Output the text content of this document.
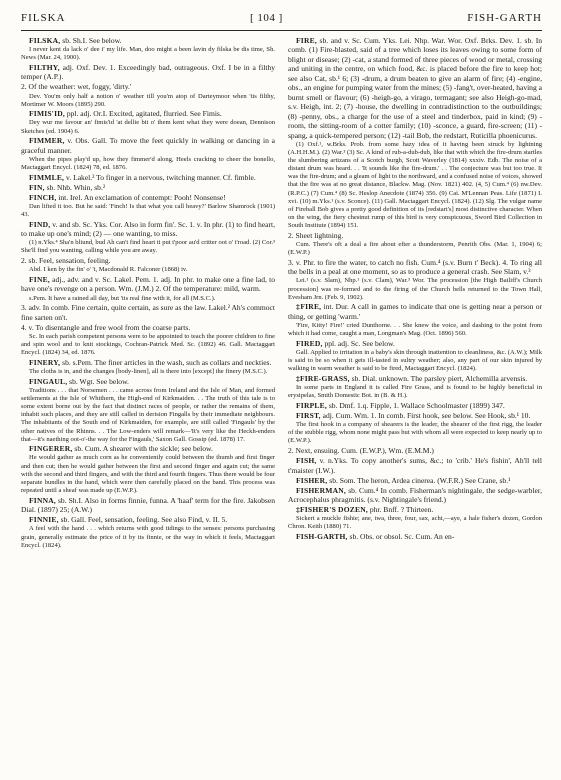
FILSKA	[ 104 ]	FISH-GARTH

FILSKA, sb. Sh.I. See below.

I never kent da lack o' dee i' my life. Man, doo might a been lavin dy filska be dis time, Sh. News (Mar. 24, 1900).

FILTHY, adj. Oxf. Dev. 1. Exceedingly bad, outrageous. Oxf. I be in a filthy temper (A.P.).

2. Of the weather: wet, foggy, 'dirty.'

Dev. You'm only half a notion o' weather till you'm atop of Darteymoor when 'tis filthy, Mortimer W. Moors (1895) 290.

FIMIS'ID, ppl. adj. Or.I. Excited, agitated, flurried. See Fimis.

Dey wur me favour an' fimis'id 'at dellie bit o' them kent what they were doean, Dennison Sketches (ed. 1904) 6.

FIMMER, v. Obs. Gall. To move the feet quickly in walking or dancing in a graceful manner.

When the pipes play'd up, how they fimmer'd along, Heels cracking to cheer the bonello, Mactaggart Encycl. (1824) 78, ed. 1876.

FIMMLE, v. Lakel.² To finger in a nervous, twitching manner. Cf. fimble.

FIN, sb. Nhb. Whin, sb.²

FINCH, int. Irel. An exclamation of contempt: Pooh! Nonsense!

Dan lifted it too. But he said: 'Finch! Is that what you call heavy?' Barlow Shamrock (1901) 43.

FIND, v. and sb. Sc. Yks. Cor. Also in form fin'. Sc. 1. v. In phr. (1) to find heart, to make up one's mind; (2) — one wanting, to miss.

(1) n.Yks.⁴ Sha'n bliund, bud Ah can't find heart ti put t'poor au'd critter oot o' t'road. (2) Cor.³ She'll find you wanting, calling while you are away.

2. sb. Feel, sensation, feeling.

Abd. I ken by the fin' o' 't, Macdonald R. Falconer (1868) iv.

FINE, adj., adv. and v. Sc. Lakel. Pem. 1. adj. In phr. to make one a fine lad, to have one's revenge on a person. Wm. (J.M.) 2. Of the temperature: mild, warm.

s.Pem. It have a rained all day, but 'tis real fine with it, for all (M.S.C.).

3. adv. In comb. Fine certain, quite certain, as sure as the law. Lakel.² Ah's commoct fine sarten on't.

4. v. To disentangle and free wool from the coarse parts.

Sc. In each parish competent persons were to be appointed to teach the poorer children to fine and spin wool and to knit stockings, Cochran-Patrick Med. Sc. (1892) 46. Gall. Mactaggart Encycl. (1824) 34, ed. 1876.

FINERY, sb. s.Pem. The finer articles in the wash, such as collars and neckties.

The cloths is in, and the changes [body-linen], all is there into [except] the finery (M.S.C.).

FINGAUL, sb. Wgt. See below.

Traditions . . . that Norsemen . . . came across from Ireland and the Isle of Man, and formed settlements at the Isle of Whithern, the High-end of Kirkmaiden. . . The truth of this tale is to some extent borne out by the fact that distinct races of people, or rather the remains of them, inhabit such places, and they are still called in derision Fingalls by their immediate neighbours. The inhabitants of the South end of Kirkmaiden, for example, are still called 'Fingauls' by the other natives of the Rhinns. . . The Low-enders will remark—'It's very like the Heckh-enders that—it's naething oot-o'-the way for the Fingauls,' Saxon Gall. Gossip (ed. 1878) 17.

FINGERER, sb. Cum. A shearer with the sickle; see below.

He would gather as much corn as he conveniently could between the thumb and first finger and then cut; then he would gather between the first and second finger and again cut; the same with the second and third fingers, and with the third and fourth fingers. Thus there would be four separate bundles in the hand, which were then carefully placed on the band. This process was repeated until a sheaf was made up (E.W.P.).

FINNA, sb. Sh.I. Also in forms finnie, funna. A 'haaf' term for the fire. Jakobsen Dial. (1897) 25; (A.W.)

FINNIE, sb. Gall. Feel, sensation, feeling. See also Find, v. II. 5.

A feel with the hand . . . which returns with good tidings to the senses: persons purchasing grain, generally estimate the price of it by its finnie, or the way in which it feels, Mactaggart Encycl. (1824).

FIRE, sb. and v. Sc. Cum. Yks. Lei. Nhp. War. Wor. Oxf. Brks. Dev. 1. sb. In comb. (1) Fire-blasted, said of a tree which loses its leaves owing to some form of blight or disease; (2) -cat, a stand formed of three pieces of wood or metal, crossing and uniting in the centre, on which food, &c. is placed before the fire to keep hot; see also Cat, sb.¹ 6; (3) -drum, a drum beaten to give an alarm of fire; (4) -engine, obs., an engine for pumping water from the mines; (5) -fang't, over-heated, having a burnt smell or flavour; (6) -heigh-go, a virago, termagant; see also Heigh-go-mad, s.v. Heigh, int. 2; (7) -house, the dwelling in contradistinction to the outbuildings; (8) -penny, obs., a charge for the use of a steel and tinderbox, paid in kind; (9) -room, the sitting-room of a cotter family; (10) -sconce, a guard, fire-screen; (11) -spang, a quick-tempered person; (12) -tail Bob, the redstart, Ruticilla phoenicurus.

(1) Oxf.¹, w.Brks. Prob. from some hazy idea of it having been struck by lightning (A.H.H.M.). (2) War.³ (3) Sc. A kind of rub-a-dub-dub, like that with which the fire-drum startles the slumbering artizans of a Scotch burgh, Scott Waverley (1814) xxxiv. Edb. The noise of a distant drum was heard. . . 'It sounds like the fire-drum.' . . The conjecture was but too true. It was the fire-drum; and a gleam of light to the northward, and a confused noise of voices, showed that the fire was at no great distance, Blackw. Mag. (Nov. 1821) 402. (4, 5) Cum.⁴ (6) nw.Dev. (R.P.C.) (7) Cum.⁴ (8) Sc. Heslop Anecdote (1874) 356. (9) Cai. M'Lennan Peas. Life (1871) I. xvi. (10) m.Yks.¹ (s.v. Sconce). (11) Gall. Mactaggart Encycl. (1824). (12) Slg. The vulgar name of Fireball Bob gives a pretty good definition of its [redstart's] most distinctive character. When on the wing, the fiery chestnut rump of this bird is very conspicuous, Sword Bird Collection in South Institute (1894) 151.

2. Sheet lightning.

Cum. There's oft a deal a fire about efter a thunderstorm, Penrith Obs. (Mar. 1, 1904) 6; (E.W.P.)

3. v. Phr. to fire the water, to catch no fish. Cum.⁴ (s.v. Burn t' Beck). 4. To ring all the bells in a peal at one moment, so as to produce a general crash. See Slam, v.³

Lei.¹ (s.v. Slam), Nhp.¹ (s.v. Clam), War.³ Wor. The procession [the High Bailiff's Church procession] was re-formed and to the firing of the Church bells returned to the Town Hall, Evesham Jrn. (Feb. 9, 1902).

‡FIRE, int. Dur. A call in games to indicate that one is getting near a person or thing, or getting 'warm.'

'Fire, Kitty! Fire!' cried Dunthorne. . . She knew the voice, and dashing to the point from which it had come, caught a man, Longman's Mag. (Oct. 1896) 560.

FIRED, ppl. adj. Sc. See below.

Gall. Applied to irritation in a baby's skin through inattention to cleanliness, &c. (A.W.); Milk is said to be so when it gets ill-tasted in sultry weather; also, any part of our skin injured by walking in warm weather is said to be fired, Mactaggart Encycl. (1824).

‡FIRE-GRASS, sb. Dial. unknown. The parsley piert, Alchemilla arvensis.

In some parts in England it is called Fire Grass, and is found to be highly beneficial in erysipelas, Smith Domestic Bot. in (B. & H.).

FIRPLE, sb. Dmf. 1.q. Fipple, 1. Wallace Schoolmaster (1899) 347.

FIRST, adj. Cum. Wm. 1. In comb. First hook, see below. See Hook, sb.¹ 10.

The first hook in a company of shearers is the leader, the shearer of the first rigg, the leader of the stubble rigg, whom none might pass but with whom all were expected to keep nearly up to (E.W.P.).

2. Next, ensuing. Cum. (E.W.P.), Wm. (E.M.M.)

FISH, v. n.Yks. To copy another's sums, &c.; to 'crib.' He's fishin', Ah'll tell t'maister (I.W.).

FISHER, sb. Som. The heron, Ardea cinerea. (W.F.R.) See Crane, sb.¹

FISHERMAN, sb. Cum.⁴ In comb. Fisherman's nightingale, the sedge-warbler, Acrocephalus phragmitis. (s.v. Nightingale's friend.)

‡FISHER'S DOZEN, phr. Bnff. ? Thirteen.

Sickert a muckle fishie; ane, twa, three, four, sax, acht,—aye, a hale fisher's dozen, Gordon Chron. Keith (1880) 71.

FISH-GARTH, sb. Obs. or obsol. Sc. Cum. An en-
